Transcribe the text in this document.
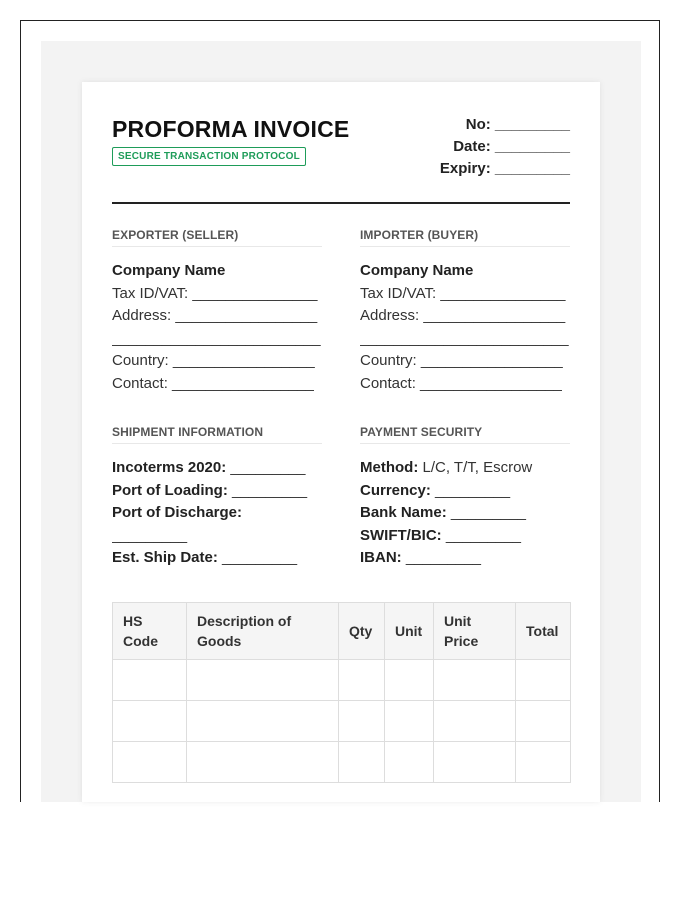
PROFORMA INVOICE
SECURE TRANSACTION PROTOCOL
No: _________
Date: _________
Expiry: _________
EXPORTER (SELLER)
Company Name
Tax ID/VAT: _______________
Address: _________________
_________________________
Country: _________________
Contact: _________________
IMPORTER (BUYER)
Company Name
Tax ID/VAT: _______________
Address: _________________
_________________________
Country: _________________
Contact: _________________
SHIPMENT INFORMATION
Incoterms 2020: _________
Port of Loading: _________
Port of Discharge:
_________
Est. Ship Date: _________
PAYMENT SECURITY
Method: L/C, T/T, Escrow
Currency: _________
Bank Name: _________
SWIFT/BIC: _________
IBAN: _________
HS Code	Description of Goods	Qty	Unit	Unit Price	Total
